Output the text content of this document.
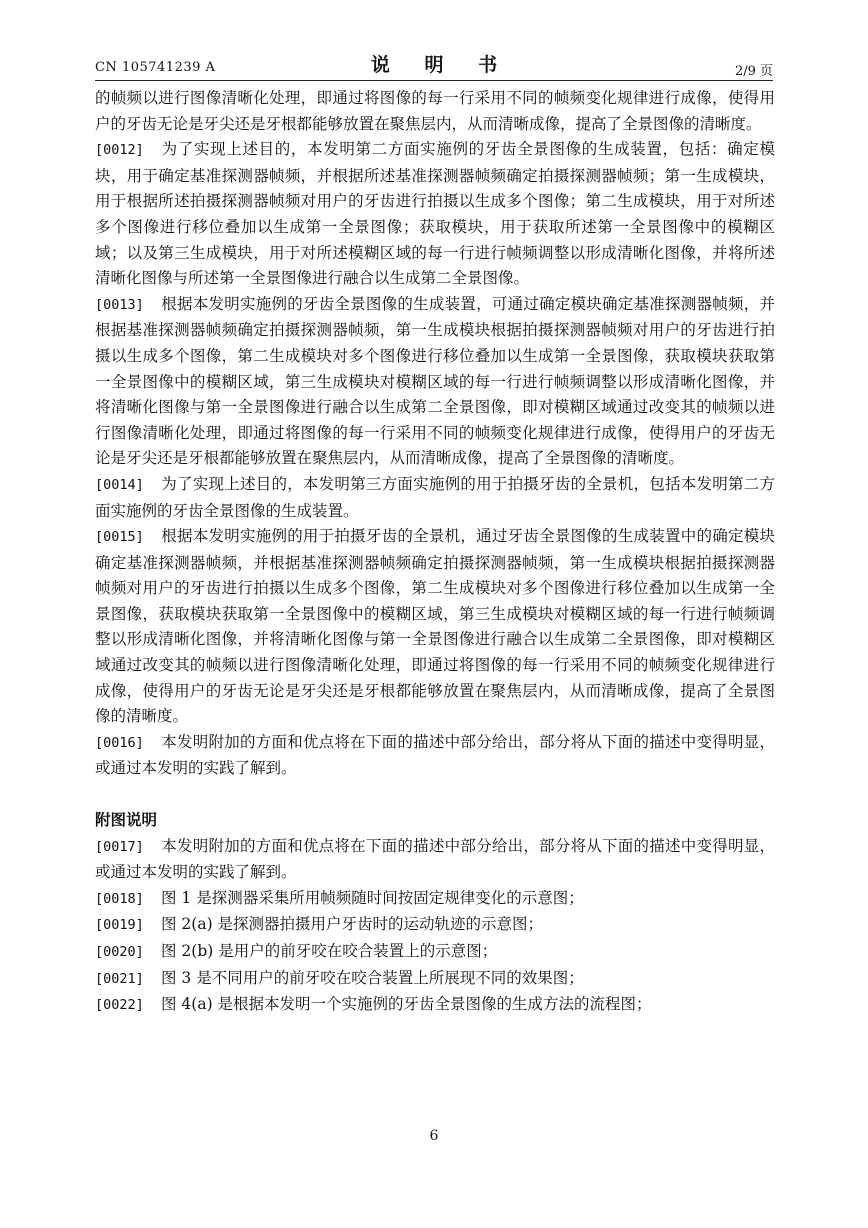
CN 105741239 A	说 明 书	2/9 页

的帧频以进行图像清晰化处理，即通过将图像的每一行采用不同的帧频变化规律进行成像，使得用户的牙齿无论是牙尖还是牙根都能够放置在聚焦层内，从而清晰成像，提高了全景图像的清晰度。

[0012] 为了实现上述目的，本发明第二方面实施例的牙齿全景图像的生成装置，包括：确定模块，用于确定基准探测器帧频，并根据所述基准探测器帧频确定拍摄探测器帧频；第一生成模块，用于根据所述拍摄探测器帧频对用户的牙齿进行拍摄以生成多个图像；第二生成模块，用于对所述多个图像进行移位叠加以生成第一全景图像；获取模块，用于获取所述第一全景图像中的模糊区域；以及第三生成模块，用于对所述模糊区域的每一行进行帧频调整以形成清晰化图像，并将所述清晰化图像与所述第一全景图像进行融合以生成第二全景图像。

[0013] 根据本发明实施例的牙齿全景图像的生成装置，可通过确定模块确定基准探测器帧频，并根据基准探测器帧频确定拍摄探测器帧频，第一生成模块根据拍摄探测器帧频对用户的牙齿进行拍摄以生成多个图像，第二生成模块对多个图像进行移位叠加以生成第一全景图像，获取模块获取第一全景图像中的模糊区域，第三生成模块对模糊区域的每一行进行帧频调整以形成清晰化图像，并将清晰化图像与第一全景图像进行融合以生成第二全景图像，即对模糊区域通过改变其的帧频以进行图像清晰化处理，即通过将图像的每一行采用不同的帧频变化规律进行成像，使得用户的牙齿无论是牙尖还是牙根都能够放置在聚焦层内，从而清晰成像，提高了全景图像的清晰度。

[0014] 为了实现上述目的，本发明第三方面实施例的用于拍摄牙齿的全景机，包括本发明第二方面实施例的牙齿全景图像的生成装置。

[0015] 根据本发明实施例的用于拍摄牙齿的全景机，通过牙齿全景图像的生成装置中的确定模块确定基准探测器帧频，并根据基准探测器帧频确定拍摄探测器帧频，第一生成模块根据拍摄探测器帧频对用户的牙齿进行拍摄以生成多个图像，第二生成模块对多个图像进行移位叠加以生成第一全景图像，获取模块获取第一全景图像中的模糊区域，第三生成模块对模糊区域的每一行进行帧频调整以形成清晰化图像，并将清晰化图像与第一全景图像进行融合以生成第二全景图像，即对模糊区域通过改变其的帧频以进行图像清晰化处理，即通过将图像的每一行采用不同的帧频变化规律进行成像，使得用户的牙齿无论是牙尖还是牙根都能够放置在聚焦层内，从而清晰成像，提高了全景图像的清晰度。

[0016] 本发明附加的方面和优点将在下面的描述中部分给出，部分将从下面的描述中变得明显，或通过本发明的实践了解到。

附图说明

[0017] 本发明附加的方面和优点将在下面的描述中部分给出，部分将从下面的描述中变得明显，或通过本发明的实践了解到。

[0018] 图 1 是探测器采集所用帧频随时间按固定规律变化的示意图；

[0019] 图 2(a) 是探测器拍摄用户牙齿时的运动轨迹的示意图；

[0020] 图 2(b) 是用户的前牙咬在咬合装置上的示意图；

[0021] 图 3 是不同用户的前牙咬在咬合装置上所展现不同的效果图；

[0022] 图 4(a) 是根据本发明一个实施例的牙齿全景图像的生成方法的流程图；

6
